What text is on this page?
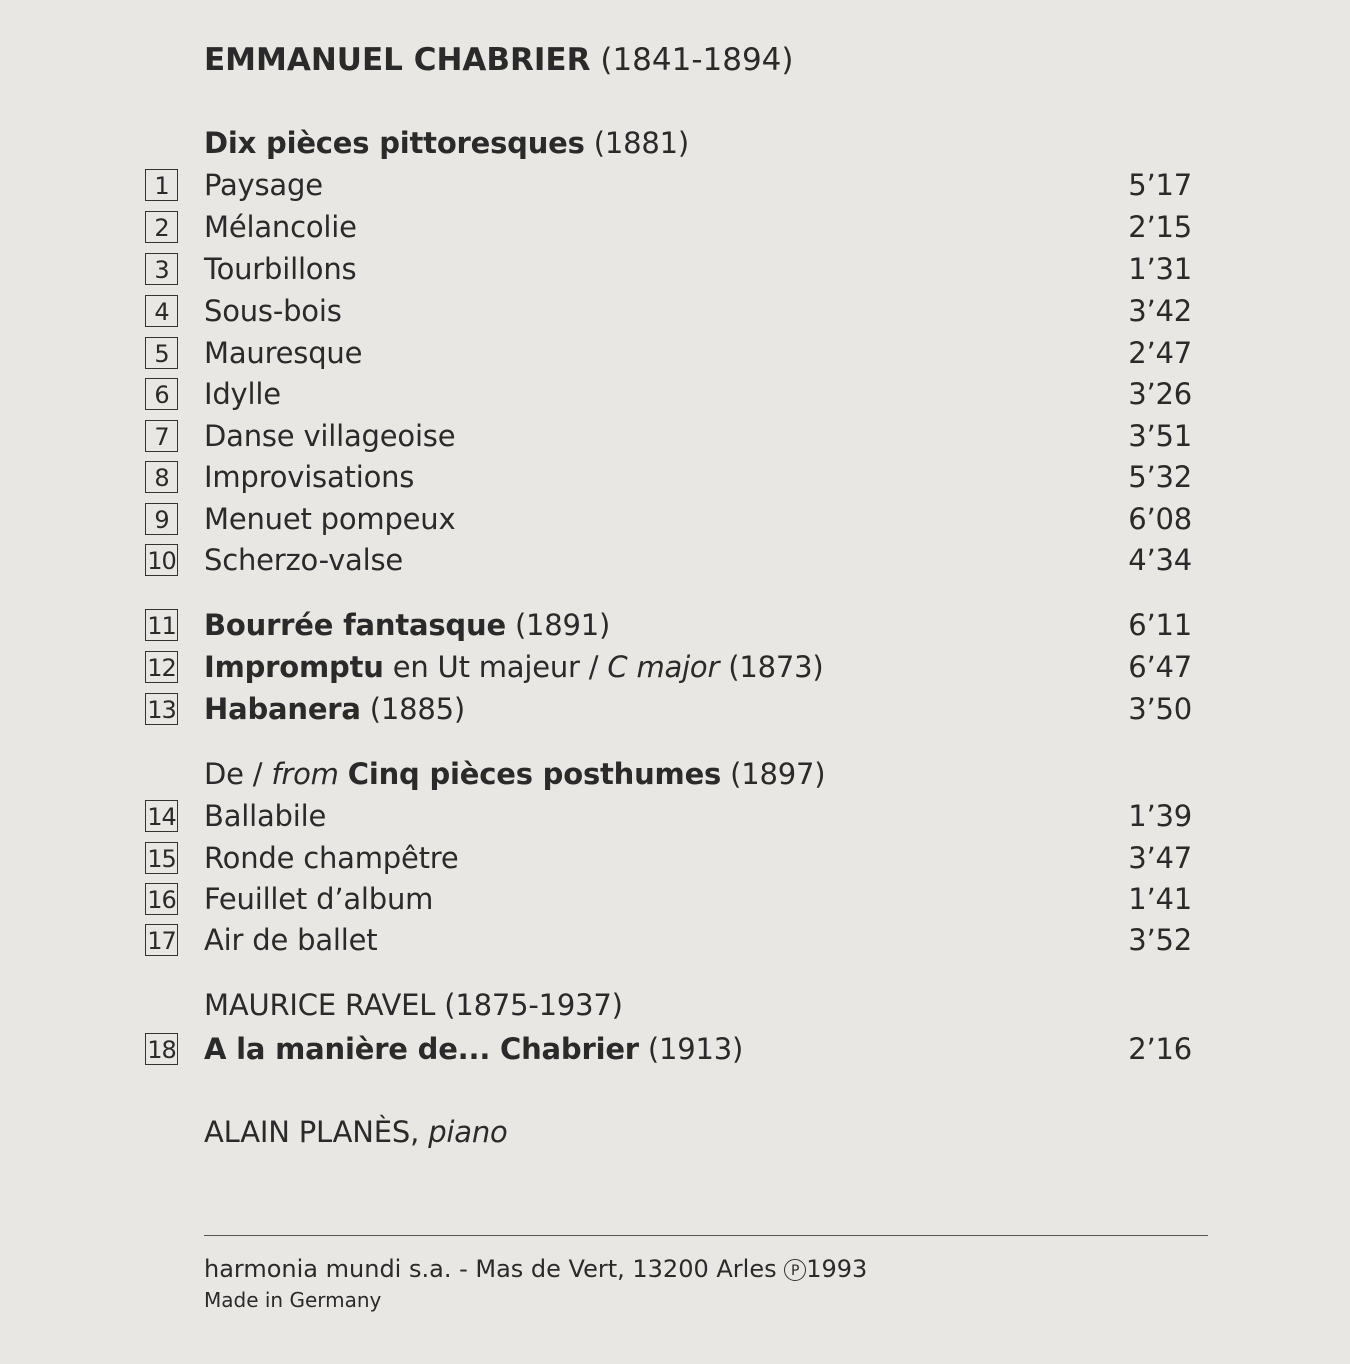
EMMANUEL CHABRIER (1841-1894)
Dix pièces pittoresques (1881)
1	Paysage	5’17
2	Mélancolie	2’15
3	Tourbillons	1’31
4	Sous-bois	3’42
5	Mauresque	2’47
6	Idylle	3’26
7	Danse villageoise	3’51
8	Improvisations	5’32
9	Menuet pompeux	6’08
10 Scherzo-valse	4’34
11 Bourrée fantasque (1891)	6’11
12 Impromptu en Ut majeur / C major (1873)	6’47
13 Habanera (1885)	3’50
De / from Cinq pièces posthumes (1897)
14 Ballabile	1’39
15 Ronde champêtre	3’47
16 Feuillet d’album	1’41
17 Air de ballet	3’52
MAURICE RAVEL (1875-1937)
18 A la manière de... Chabrier (1913)	2’16
ALAIN PLANÈS, piano
harmonia mundi s.a. - Mas de Vert, 13200 Arles P 1993
Made in Germany
